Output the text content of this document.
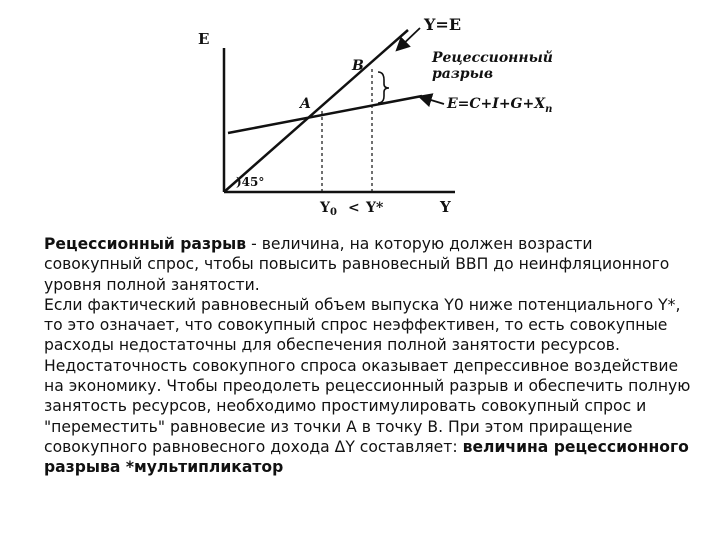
E
Y
Y=E
$E=C+I+G+X_n$
A
B
)45°
Рецессионный
разрыв
$Y_0 < Y*$

Рецессионный разрыв - величина, на которую должен возрасти совокупный спрос, чтобы повысить равновесный ВВП до неинфляционного уровня полной занятости.

Если фактический равновесный объем выпуска Y0 ниже потенциального Y*, то это означает, что совокупный спрос неэффективен, то есть совокупные расходы недостаточны для обеспечения полной занятости ресурсов. Недостаточность совокупного спроса оказывает депрессивное воздействие на экономику. Чтобы преодолеть рецессионный разрыв и обеспечить полную занятость ресурсов, необходимо простимулировать совокупный спрос и "переместить" равновесие из точки А в точку В. При этом приращение совокупного равновесного дохода ΔY составляет: величина рецессионного разрыва *мультипликатор
